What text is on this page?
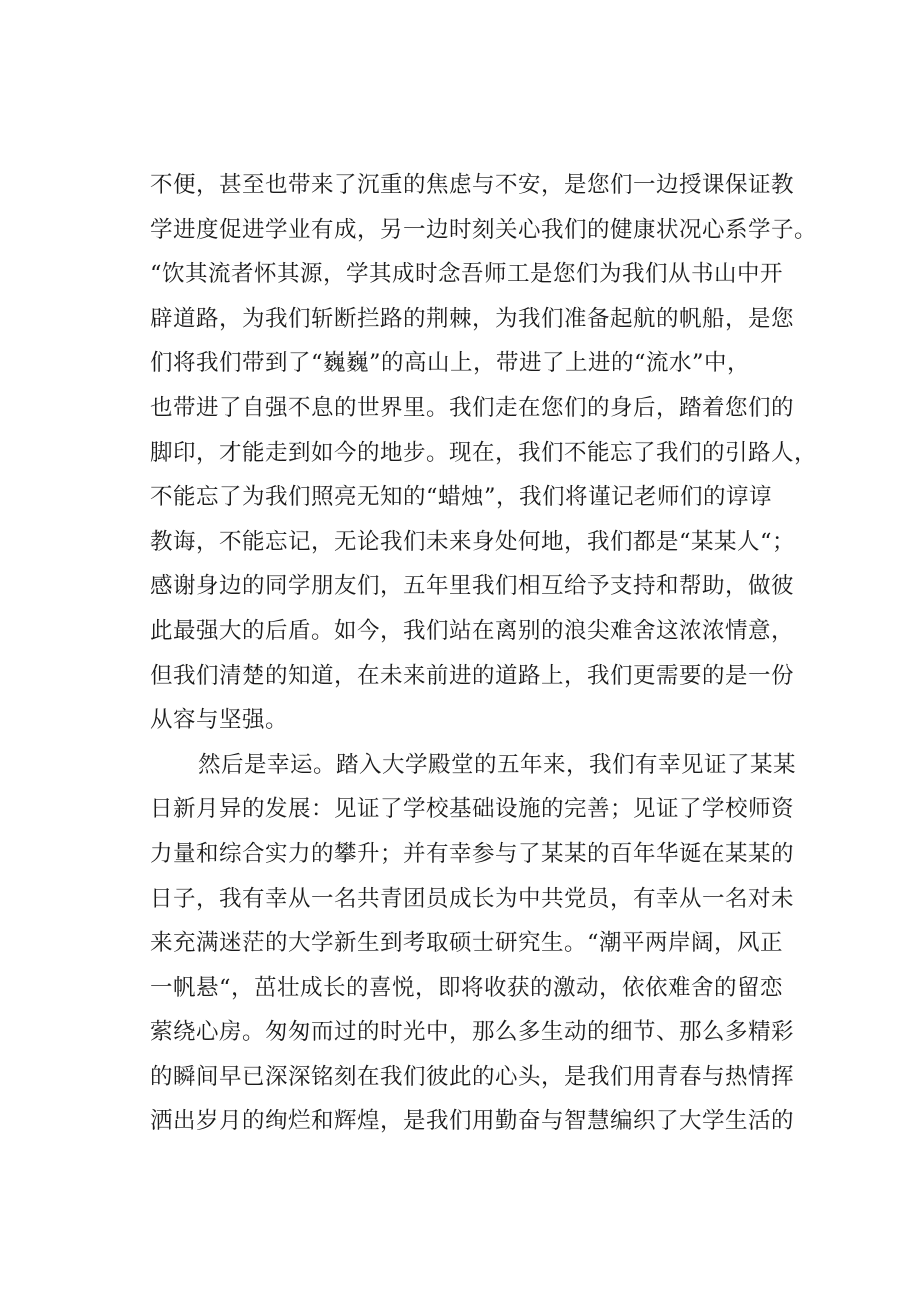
不便，甚至也带来了沉重的焦虑与不安，是您们一边授课保证教
学进度促进学业有成，另一边时刻关心我们的健康状况心系学子。
“饮其流者怀其源，学其成时念吾师工是您们为我们从书山中开
辟道路，为我们斩断拦路的荆棘，为我们准备起航的帆船，是您
们将我们带到了“巍巍”的高山上，带进了上进的“流水”中，
也带进了自强不息的世界里。我们走在您们的身后，踏着您们的
脚印，才能走到如今的地步。现在，我们不能忘了我们的引路人，
不能忘了为我们照亮无知的“蜡烛”，我们将谨记老师们的谆谆
教诲，不能忘记，无论我们未来身处何地，我们都是“某某人“；
感谢身边的同学朋友们，五年里我们相互给予支持和帮助，做彼
此最强大的后盾。如今，我们站在离别的浪尖难舍这浓浓情意，
但我们清楚的知道，在未来前进的道路上，我们更需要的是一份
从容与坚强。
然后是幸运。踏入大学殿堂的五年来，我们有幸见证了某某
日新月异的发展：见证了学校基础设施的完善；见证了学校师资
力量和综合实力的攀升；并有幸参与了某某的百年华诞在某某的
日子，我有幸从一名共青团员成长为中共党员，有幸从一名对未
来充满迷茫的大学新生到考取硕士研究生。“潮平两岸阔，风正
一帆悬“，茁壮成长的喜悦，即将收获的激动，依依难舍的留恋
萦绕心房。匆匆而过的时光中，那么多生动的细节、那么多精彩
的瞬间早已深深铭刻在我们彼此的心头，是我们用青春与热情挥
洒出岁月的绚烂和辉煌，是我们用勤奋与智慧编织了大学生活的
